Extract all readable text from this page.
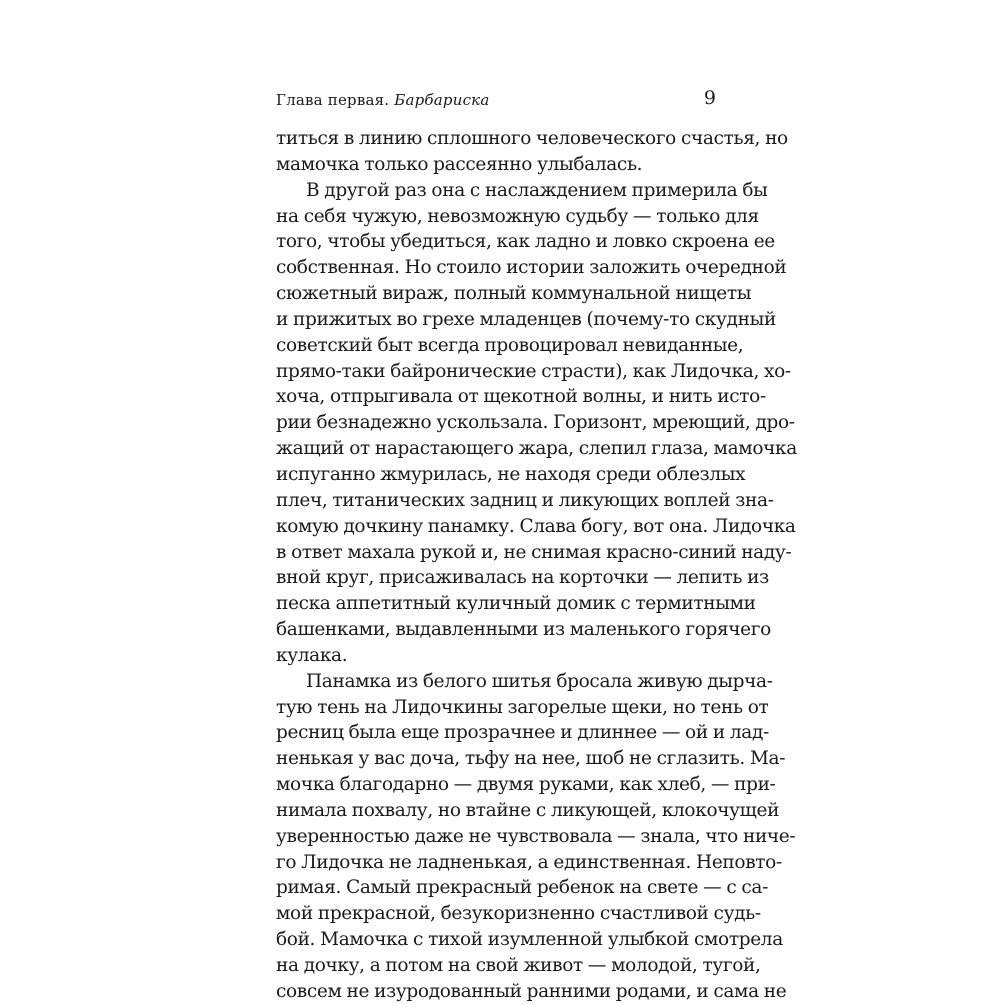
Глава первая. Барбариска	9
титься в линию сплошного человеческого счастья, но
мамочка только рассеянно улыбалась.
В другой раз она с наслаждением примерила бы
на себя чужую, невозможную судьбу — только для
того, чтобы убедиться, как ладно и ловко скроена ее
собственная. Но стоило истории заложить очередной
сюжетный вираж, полный коммунальной нищеты
и прижитых во грехе младенцев (почему-то скудный
советский быт всегда провоцировал невиданные,
прямо-таки байронические страсти), как Лидочка, хо-
хоча, отпрыгивала от щекотной волны, и нить исто-
рии безнадежно ускользала. Горизонт, мреющий, дро-
жащий от нарастающего жара, слепил глаза, мамочка
испуганно жмурилась, не находя среди облезлых
плеч, титанических задниц и ликующих воплей зна-
комую дочкину панамку. Слава богу, вот она. Лидочка
в ответ махала рукой и, не снимая красно-синий наду-
вной круг, присаживалась на корточки — лепить из
песка аппетитный куличный домик с термитными
башенками, выдавленными из маленького горячего
кулака.
Панамка из белого шитья бросала живую дырча-
тую тень на Лидочкины загорелые щеки, но тень от
ресниц была еще прозрачнее и длиннее — ой и лад-
ненькая у вас доча, тьфу на нее, шоб не сглазить. Ма-
мочка благодарно — двумя руками, как хлеб, — при-
нимала похвалу, но втайне с ликующей, клокочущей
уверенностью даже не чувствовала — знала, что ниче-
го Лидочка не ладненькая, а единственная. Неповто-
римая. Самый прекрасный ребенок на свете — с са-
мой прекрасной, безукоризненно счастливой судь-
бой. Мамочка с тихой изумленной улыбкой смотрела
на дочку, а потом на свой живот — молодой, тугой,
совсем не изуродованный ранними родами, и сама не
